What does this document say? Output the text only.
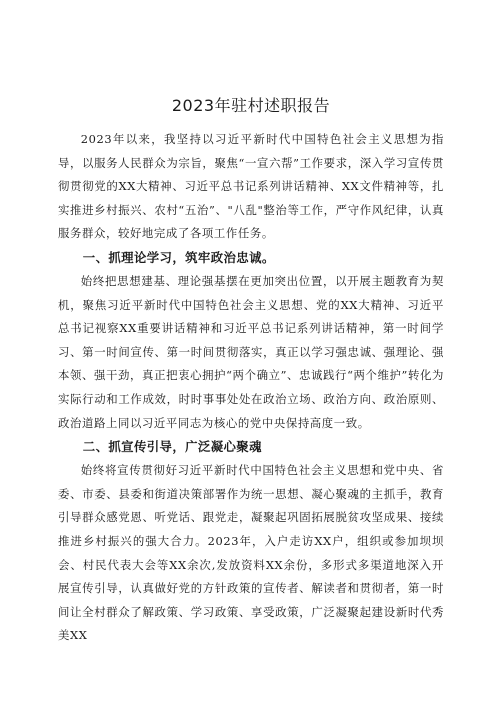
2023年驻村述职报告

2023年以来，我坚持以习近平新时代中国特色社会主义思想为指导，以服务人民群众为宗旨，聚焦“一宣六帮”工作要求，深入学习宣传贯彻贯彻党的XX大精神、习近平总书记系列讲话精神、XX文件精神等，扎实推进乡村振兴、农村“五治”、"八乱"整治等工作，严守作风纪律，认真服务群众，较好地完成了各项工作任务。

一、抓理论学习，筑牢政治忠诚。

始终把思想建基、理论强基摆在更加突出位置，以开展主题教育为契机，聚焦习近平新时代中国特色社会主义思想、党的XX大精神、习近平总书记视察XX重要讲话精神和习近平总书记系列讲话精神，第一时间学习、第一时间宣传、第一时间贯彻落实，真正以学习强忠诚、强理论、强本领、强干劲，真正把衷心拥护“两个确立”、忠诚践行“两个维护”转化为实际行动和工作成效，时时事事处处在政治立场、政治方向、政治原则、政治道路上同以习近平同志为核心的党中央保持高度一致。

二、抓宣传引导，广泛凝心聚魂

始终将宣传贯彻好习近平新时代中国特色社会主义思想和党中央、省委、市委、县委和街道决策部署作为统一思想、凝心聚魂的主抓手，教育引导群众感党恩、听党话、跟党走，凝聚起巩固拓展脱贫攻坚成果、接续推进乡村振兴的强大合力。2023年，入户走访XX户，组织或参加坝坝会、村民代表大会等XX余次,发放资料XX余份，多形式多渠道地深入开展宣传引导，认真做好党的方针政策的宣传者、解读者和贯彻者，第一时间让全村群众了解政策、学习政策、享受政策，广泛凝聚起建设新时代秀美XX
